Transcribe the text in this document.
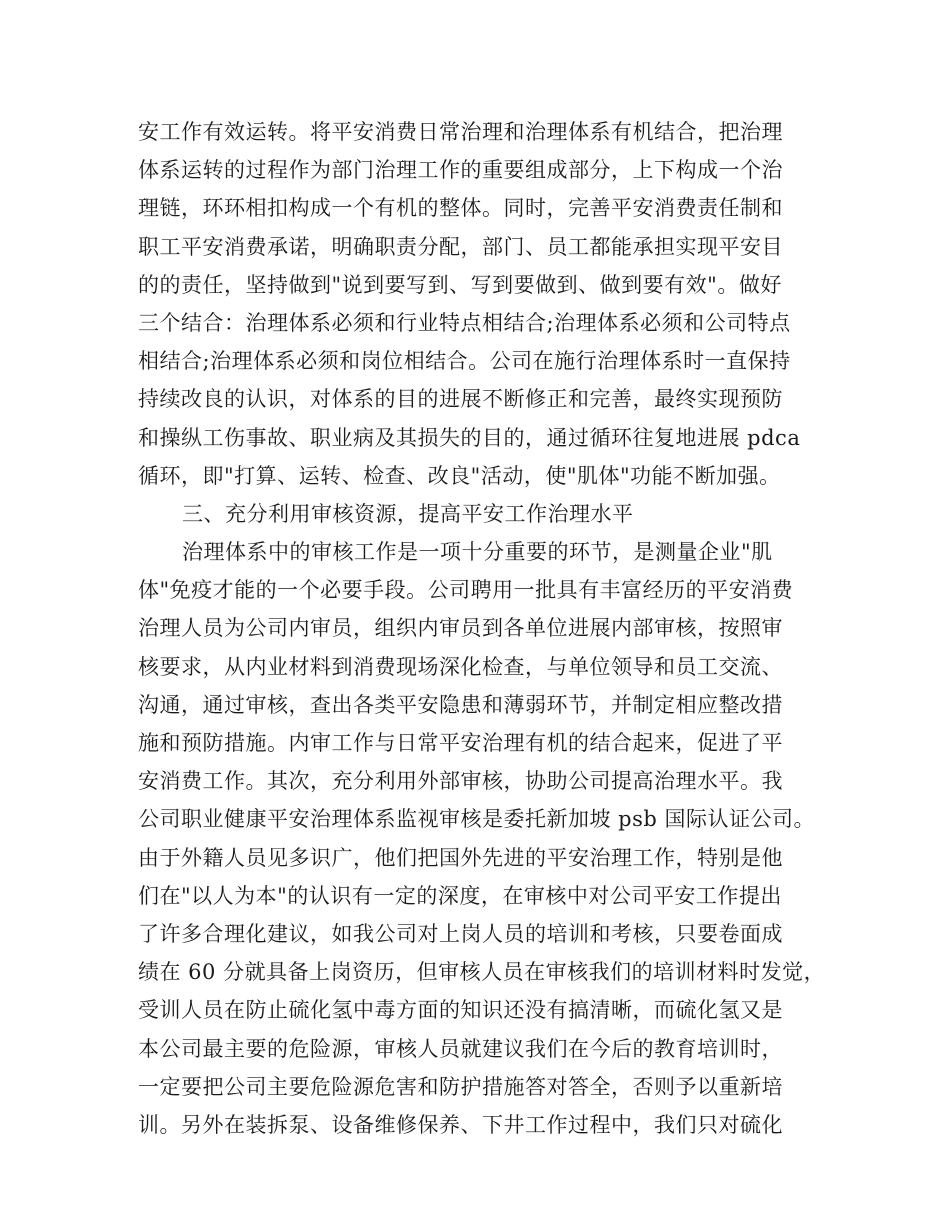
安工作有效运转。将平安消费日常治理和治理体系有机结合，把治理
体系运转的过程作为部门治理工作的重要组成部分，上下构成一个治
理链，环环相扣构成一个有机的整体。同时，完善平安消费责任制和
职工平安消费承诺，明确职责分配，部门、员工都能承担实现平安目
的的责任，坚持做到"说到要写到、写到要做到、做到要有效"。做好
三个结合：治理体系必须和行业特点相结合;治理体系必须和公司特点
相结合;治理体系必须和岗位相结合。公司在施行治理体系时一直保持
持续改良的认识，对体系的目的进展不断修正和完善，最终实现预防
和操纵工伤事故、职业病及其损失的目的，通过循环往复地进展 pdca
循环，即"打算、运转、检查、改良"活动，使"肌体"功能不断加强。
三、充分利用审核资源，提高平安工作治理水平
治理体系中的审核工作是一项十分重要的环节，是测量企业"肌
体"免疫才能的一个必要手段。公司聘用一批具有丰富经历的平安消费
治理人员为公司内审员，组织内审员到各单位进展内部审核，按照审
核要求，从内业材料到消费现场深化检查，与单位领导和员工交流、
沟通，通过审核，查出各类平安隐患和薄弱环节，并制定相应整改措
施和预防措施。内审工作与日常平安治理有机的结合起来，促进了平
安消费工作。其次，充分利用外部审核，协助公司提高治理水平。我
公司职业健康平安治理体系监视审核是委托新加坡 psb 国际认证公司。
由于外籍人员见多识广，他们把国外先进的平安治理工作，特别是他
们在"以人为本"的认识有一定的深度，在审核中对公司平安工作提出
了许多合理化建议，如我公司对上岗人员的培训和考核，只要卷面成
绩在 60 分就具备上岗资历，但审核人员在审核我们的培训材料时发觉，
受训人员在防止硫化氢中毒方面的知识还没有搞清晰，而硫化氢又是
本公司最主要的危险源，审核人员就建议我们在今后的教育培训时，
一定要把公司主要危险源危害和防护措施答对答全，否则予以重新培
训。另外在装拆泵、设备维修保养、下井工作过程中，我们只对硫化
